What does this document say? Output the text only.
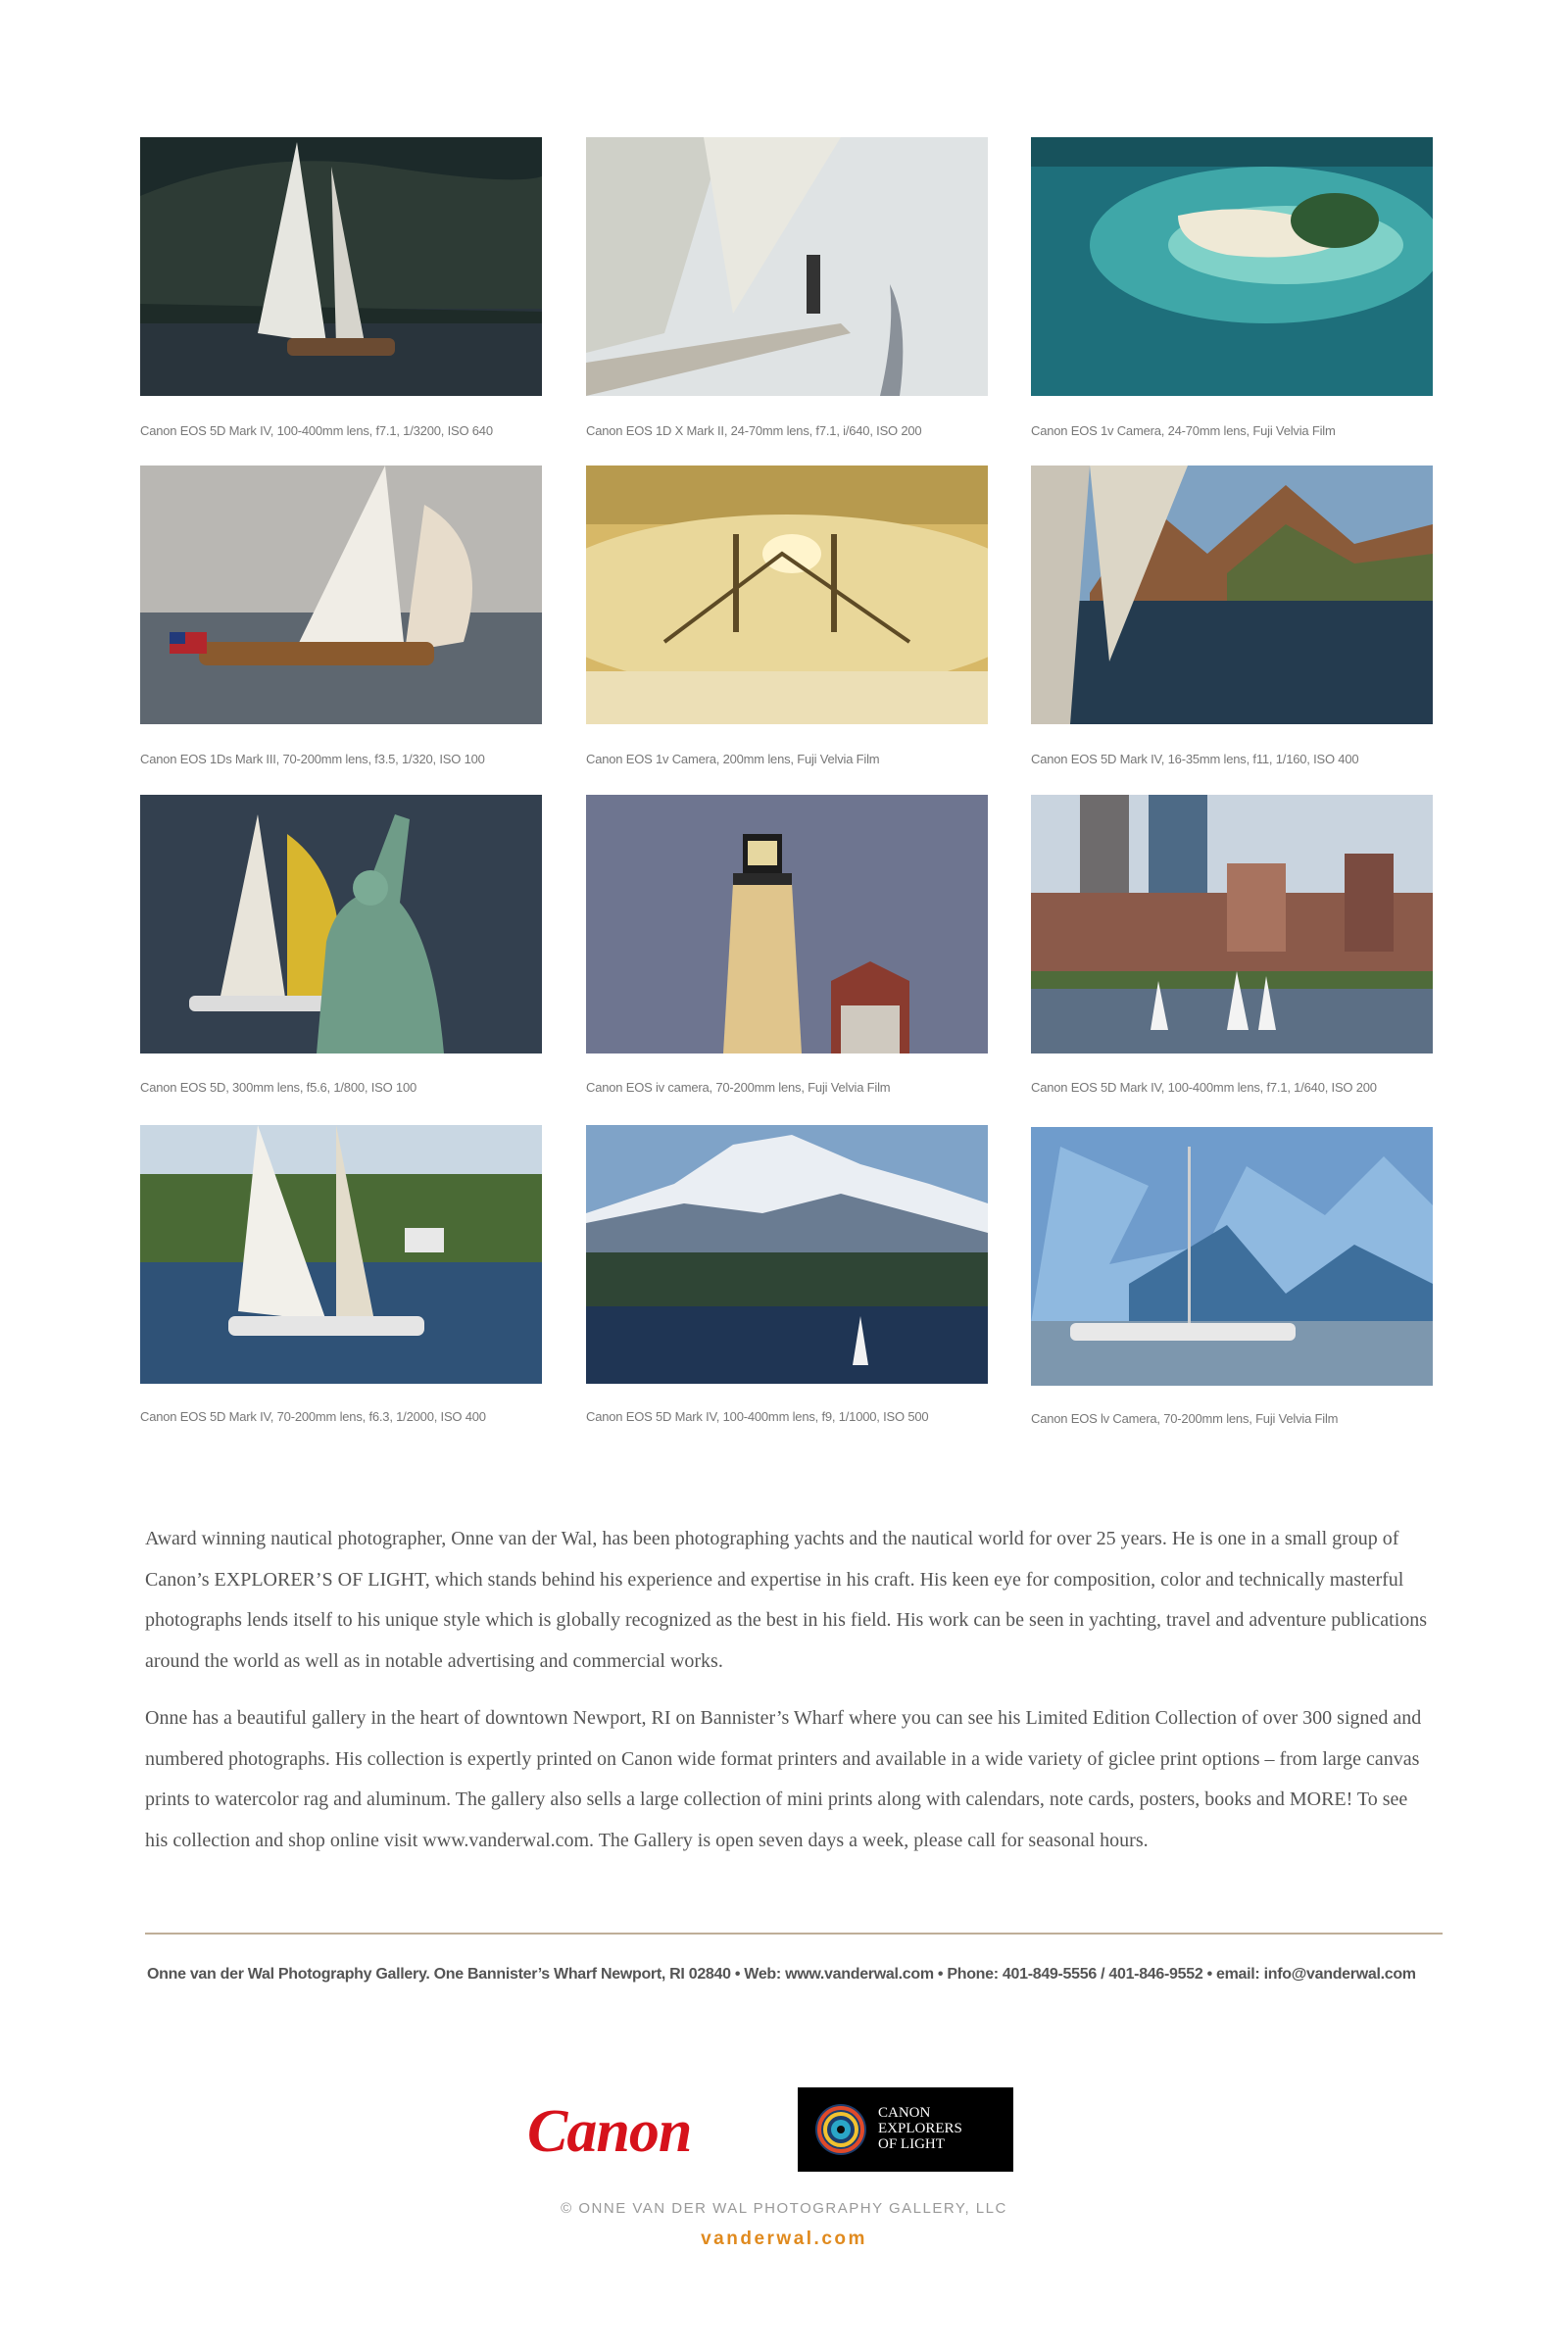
Canon EOS 5D Mark IV, 100-400mm lens, f7.1, 1/3200, ISO 640	Canon EOS 1D X Mark II, 24-70mm lens, f7.1, i/640, ISO 200	Canon EOS 1v Camera, 24-70mm lens, Fuji Velvia Film
Canon EOS 1Ds Mark III, 70-200mm lens, f3.5, 1/320, ISO 100	Canon EOS 1v Camera, 200mm lens, Fuji Velvia Film	Canon EOS 5D Mark IV, 16-35mm lens, f11, 1/160, ISO 400
Canon EOS 5D, 300mm lens, f5.6, 1/800, ISO 100	Canon EOS iv camera, 70-200mm lens, Fuji Velvia Film	Canon EOS 5D Mark IV, 100-400mm lens, f7.1, 1/640, ISO 200
Canon EOS 5D Mark IV, 70-200mm lens, f6.3, 1/2000, ISO 400	Canon EOS 5D Mark IV, 100-400mm lens, f9, 1/1000, ISO 500	Canon EOS lv Camera, 70-200mm lens, Fuji Velvia Film

Award winning nautical photographer, Onne van der Wal, has been photographing yachts and the nautical world for over 25 years. He is one in a small group of Canon’s EXPLORER’S OF LIGHT, which stands behind his experience and expertise in his craft. His keen eye for composition, color and technically masterful photographs lends itself to his unique style which is globally recognized as the best in his field. His work can be seen in yachting, travel and adventure publications around the world as well as in notable advertising and commercial works.

Onne has a beautiful gallery in the heart of downtown Newport, RI on Bannister’s Wharf where you can see his Limited Edition Collection of over 300 signed and numbered photographs. His collection is expertly printed on Canon wide format printers and available in a wide variety of giclee print options – from large canvas prints to watercolor rag and aluminum. The gallery also sells a large collection of mini prints along with calendars, note cards, posters, books and MORE! To see his collection and shop online visit www.vanderwal.com. The Gallery is open seven days a week, please call for seasonal hours.

Onne van der Wal Photography Gallery. One Bannister’s Wharf Newport, RI 02840 • Web: www.vanderwal.com • Phone: 401-849-5556 / 401-846-9552 • email: info@vanderwal.com
Canon	CANON
EXPLORERS
OF LIGHT
© ONNE VAN DER WAL PHOTOGRAPHY GALLERY, LLC
vanderwal.com
